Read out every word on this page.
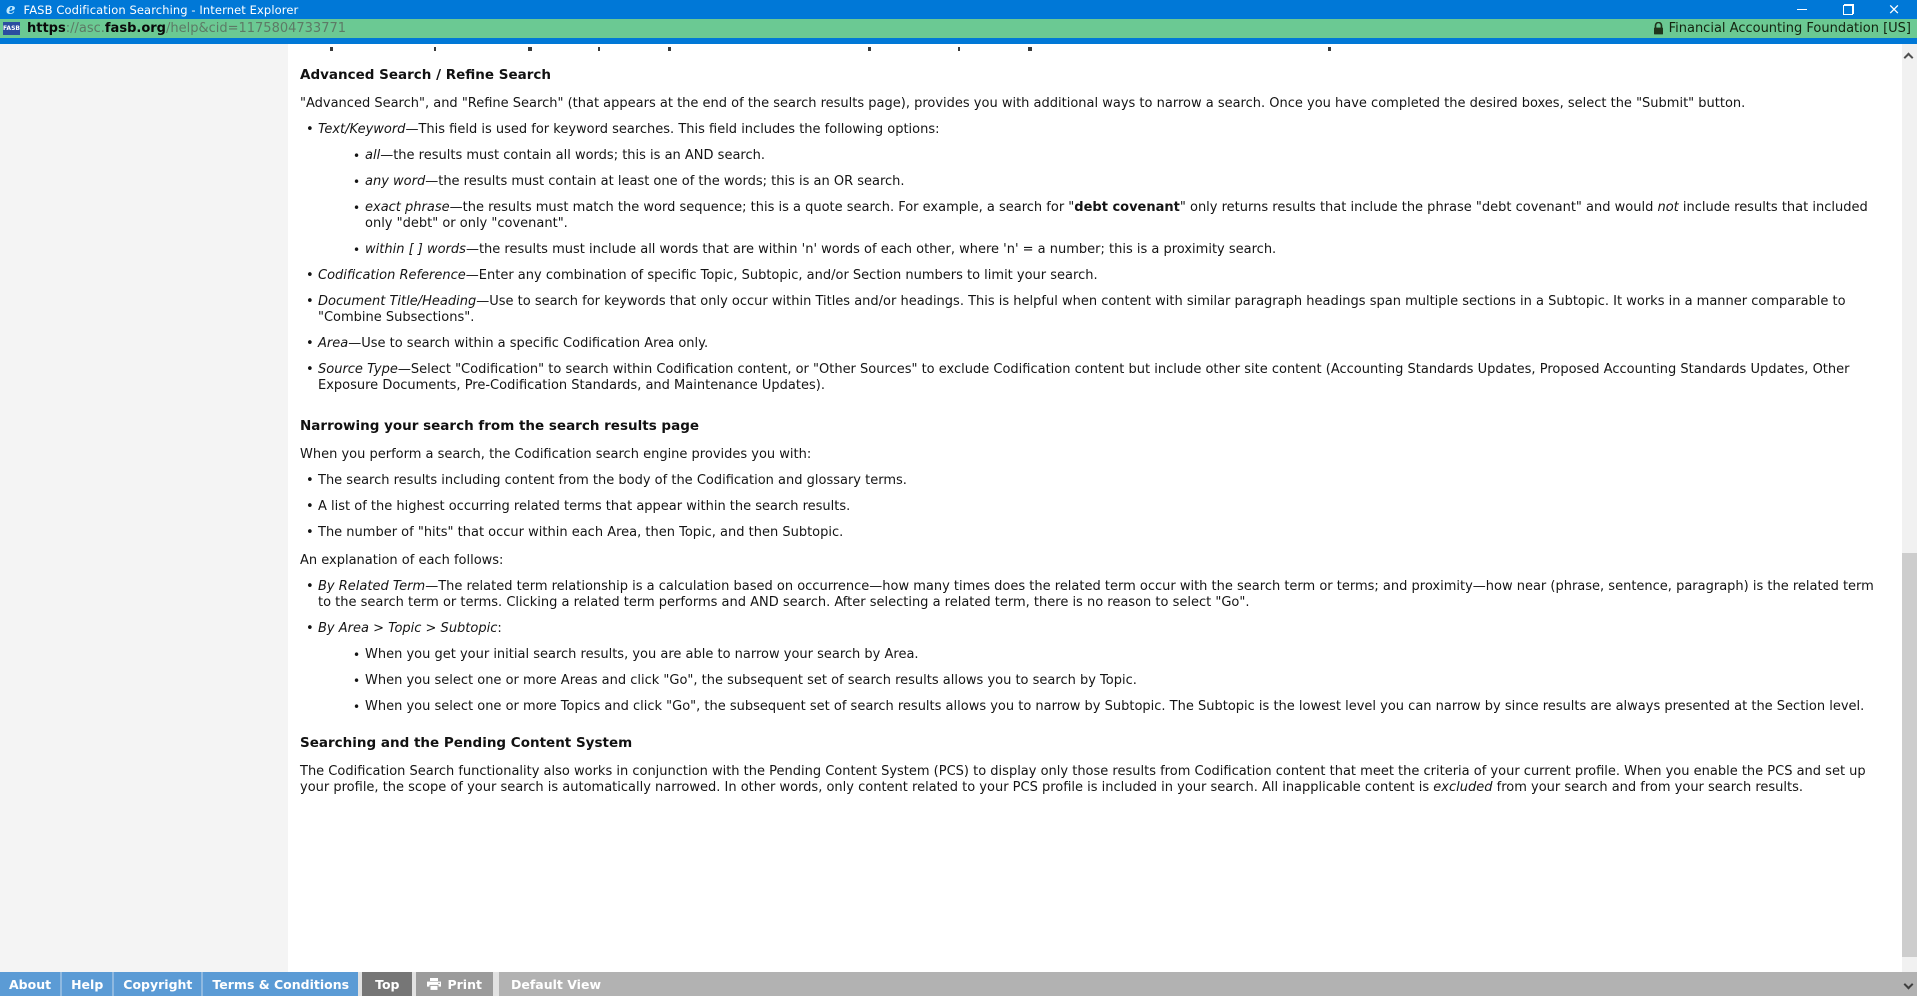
e FASB Codification Searching - Internet Explorer	×
FASB https://asc.fasb.org/help&cid=1175804733771	Financial Accounting Foundation [US]
Advanced Search / Refine Search

"Advanced Search", and "Refine Search" (that appears at the end of the search results page), provides you with additional ways to narrow a search. Once you have completed the desired boxes, select the "Submit" button.

• Text/Keyword—This field is used for keyword searches. This field includes the following options:
• all—the results must contain all words; this is an AND search.
• any word—the results must contain at least one of the words; this is an OR search.
• exact phrase—the results must match the word sequence; this is a quote search. For example, a search for "debt covenant" only returns results that include the phrase "debt covenant" and would not include results that included only "debt" or only "covenant".
• within [ ] words—the results must include all words that are within 'n' words of each other, where 'n' = a number; this is a proximity search.
• Codification Reference—Enter any combination of specific Topic, Subtopic, and/or Section numbers to limit your search.
• Document Title/Heading—Use to search for keywords that only occur within Titles and/or headings. This is helpful when content with similar paragraph headings span multiple sections in a Subtopic. It works in a manner comparable to "Combine Subsections".
• Area—Use to search within a specific Codification Area only.
• Source Type—Select "Codification" to search within Codification content, or "Other Sources" to exclude Codification content but include other site content (Accounting Standards Updates, Proposed Accounting Standards Updates, Other Exposure Documents, Pre-Codification Standards, and Maintenance Updates).
Narrowing your search from the search results page

When you perform a search, the Codification search engine provides you with:

• The search results including content from the body of the Codification and glossary terms.
• A list of the highest occurring related terms that appear within the search results.
• The number of "hits" that occur within each Area, then Topic, and then Subtopic.

An explanation of each follows:

• By Related Term—The related term relationship is a calculation based on occurrence—how many times does the related term occur with the search term or terms; and proximity—how near (phrase, sentence, paragraph) is the related term to the search term or terms. Clicking a related term performs and AND search. After selecting a related term, there is no reason to select "Go".
• By Area > Topic > Subtopic:
• When you get your initial search results, you are able to narrow your search by Area.
• When you select one or more Areas and click "Go", the subsequent set of search results allows you to search by Topic.
• When you select one or more Topics and click "Go", the subsequent set of search results allows you to narrow by Subtopic. The Subtopic is the lowest level you can narrow by since results are always presented at the Section level.
Searching and the Pending Content System

The Codification Search functionality also works in conjunction with the Pending Content System (PCS) to display only those results from Codification content that meet the criteria of your current profile. When you enable the PCS and set up your profile, the scope of your search is automatically narrowed. In other words, only content related to your PCS profile is included in your search. All inapplicable content is excluded from your search and from your search results.

About	Help	Copyright	Terms & Conditions	Top	Print	Default View
